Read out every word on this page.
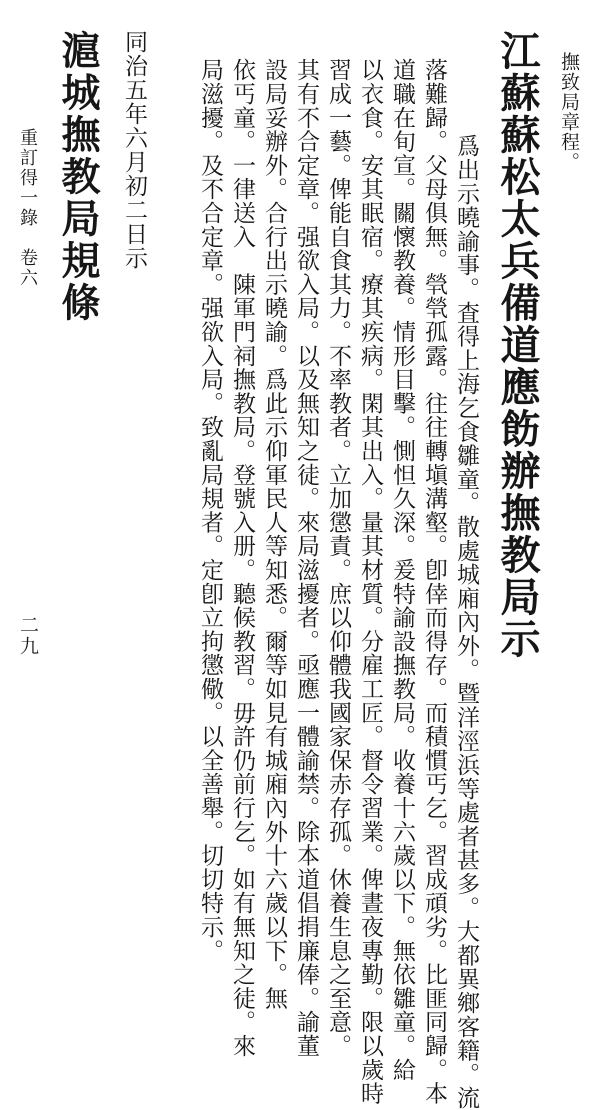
撫致局章程。
江蘇蘇松太兵備道應飭辦撫教局示
爲出示曉諭事。査得上海乞食雛童。散處城廂內外。暨洋涇浜等處者甚多。大都異鄉客籍。流
落難歸。父母俱無。煢煢孤露。往往轉塡溝壑。卽倖而得存。而積慣丐乞。習成頑劣。比匪同歸。本
道職在旬宣。關懷教養。情形目擊。惻怛久深。爰特諭設撫教局。收養十六歲以下。無依雛童。給
以衣食。安其眠宿。療其疾病。閑其出入。量其材質。分雇工匠。督令習業。俾晝夜專勤。限以歲時
習成一藝。俾能自食其力。不率教者。立加懲責。庶以仰體我國家保赤存孤。休養生息之至意。
其有不合定章。强欲入局。以及無知之徒。來局滋擾者。亟應一體諭禁。除本道倡捐廉俸。諭董
設局妥辦外。合行出示曉諭。爲此示仰軍民人等知悉。爾等如見有城廂內外十六歲以下。無
依丐童。一律送入　陳軍門祠撫教局。登號入册。聽候教習。毋許仍前行乞。如有無知之徒。來
局滋擾。及不合定章。强欲入局。致亂局規者。定卽立拘懲儆。以全善舉。切切特示。
同治五年六月初二日示
滬城撫教局規條
重訂得一錄　卷六
二九
